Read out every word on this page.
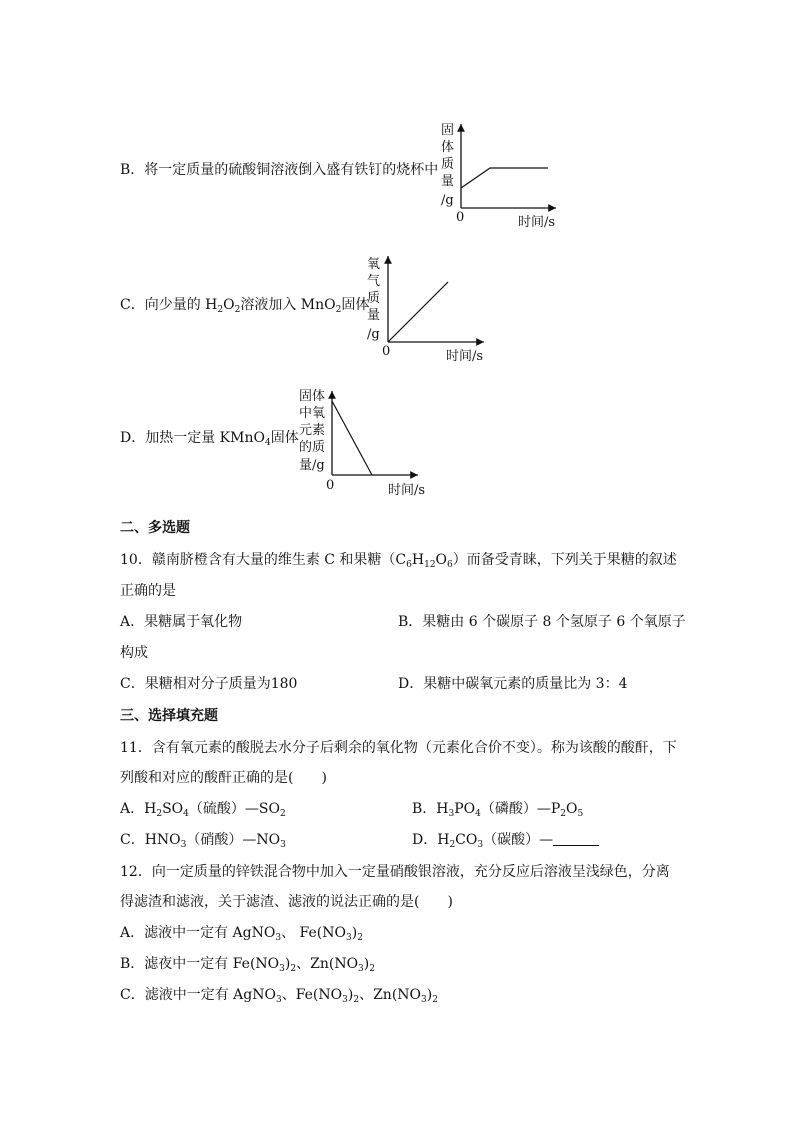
固
体
质
量
/g
0	时间/s
氧
气
质
量
/g
0	时间/s
固体
中氧
元素
的质
量/g
0	时间/s
B．将一定质量的硫酸铜溶液倒入盛有铁钉的烧杯中
C．向少量的 $H_2O_2$溶液加入 MnO$_2$固体
D．加热一定量 KMnO$_4$固体
二、多选题
10．赣南脐橙含有大量的维生素 C 和果糖$(C_6H_{12}O_6)$而备受青睐，下列关于果糖的叙述
正确的是
A．果糖属于氧化物	B．果糖由 6 个碳原子 8 个氢原子 6 个氧原子
构成
C．果糖相对分子质量为180	D．果糖中碳氧元素的质量比为 3：4
三、选择填充题
11．含有氧元素的酸脱去水分子后剩余的氧化物（元素化合价不变）。称为该酸的酸酐，下
列酸和对应的酸酐正确的是(　　)
A．$H_2SO_4$（硫酸）$—SO_2$	B．$H_3PO_4$（磷酸）$—P_2O_5$
C．$HNO_3$（硝酸）$—NO_3$	D．$H_2CO_3$（碳酸）—
12．向一定质量的锌铁混合物中加入一定量硝酸银溶液，充分反应后溶液呈浅绿色，分离
得滤渣和滤液，关于滤渣、滤液的说法正确的是(　　)
A．滤液中一定有 AgNO$_3$、 $Fe(NO_3)_2$
B．滤夜中一定有 $Fe(NO_3)_2$、$Zn(NO_3)_2$
C．滤液中一定有 AgNO$_3$、$Fe(NO_3)_2$、$Zn(NO_3)_2$
